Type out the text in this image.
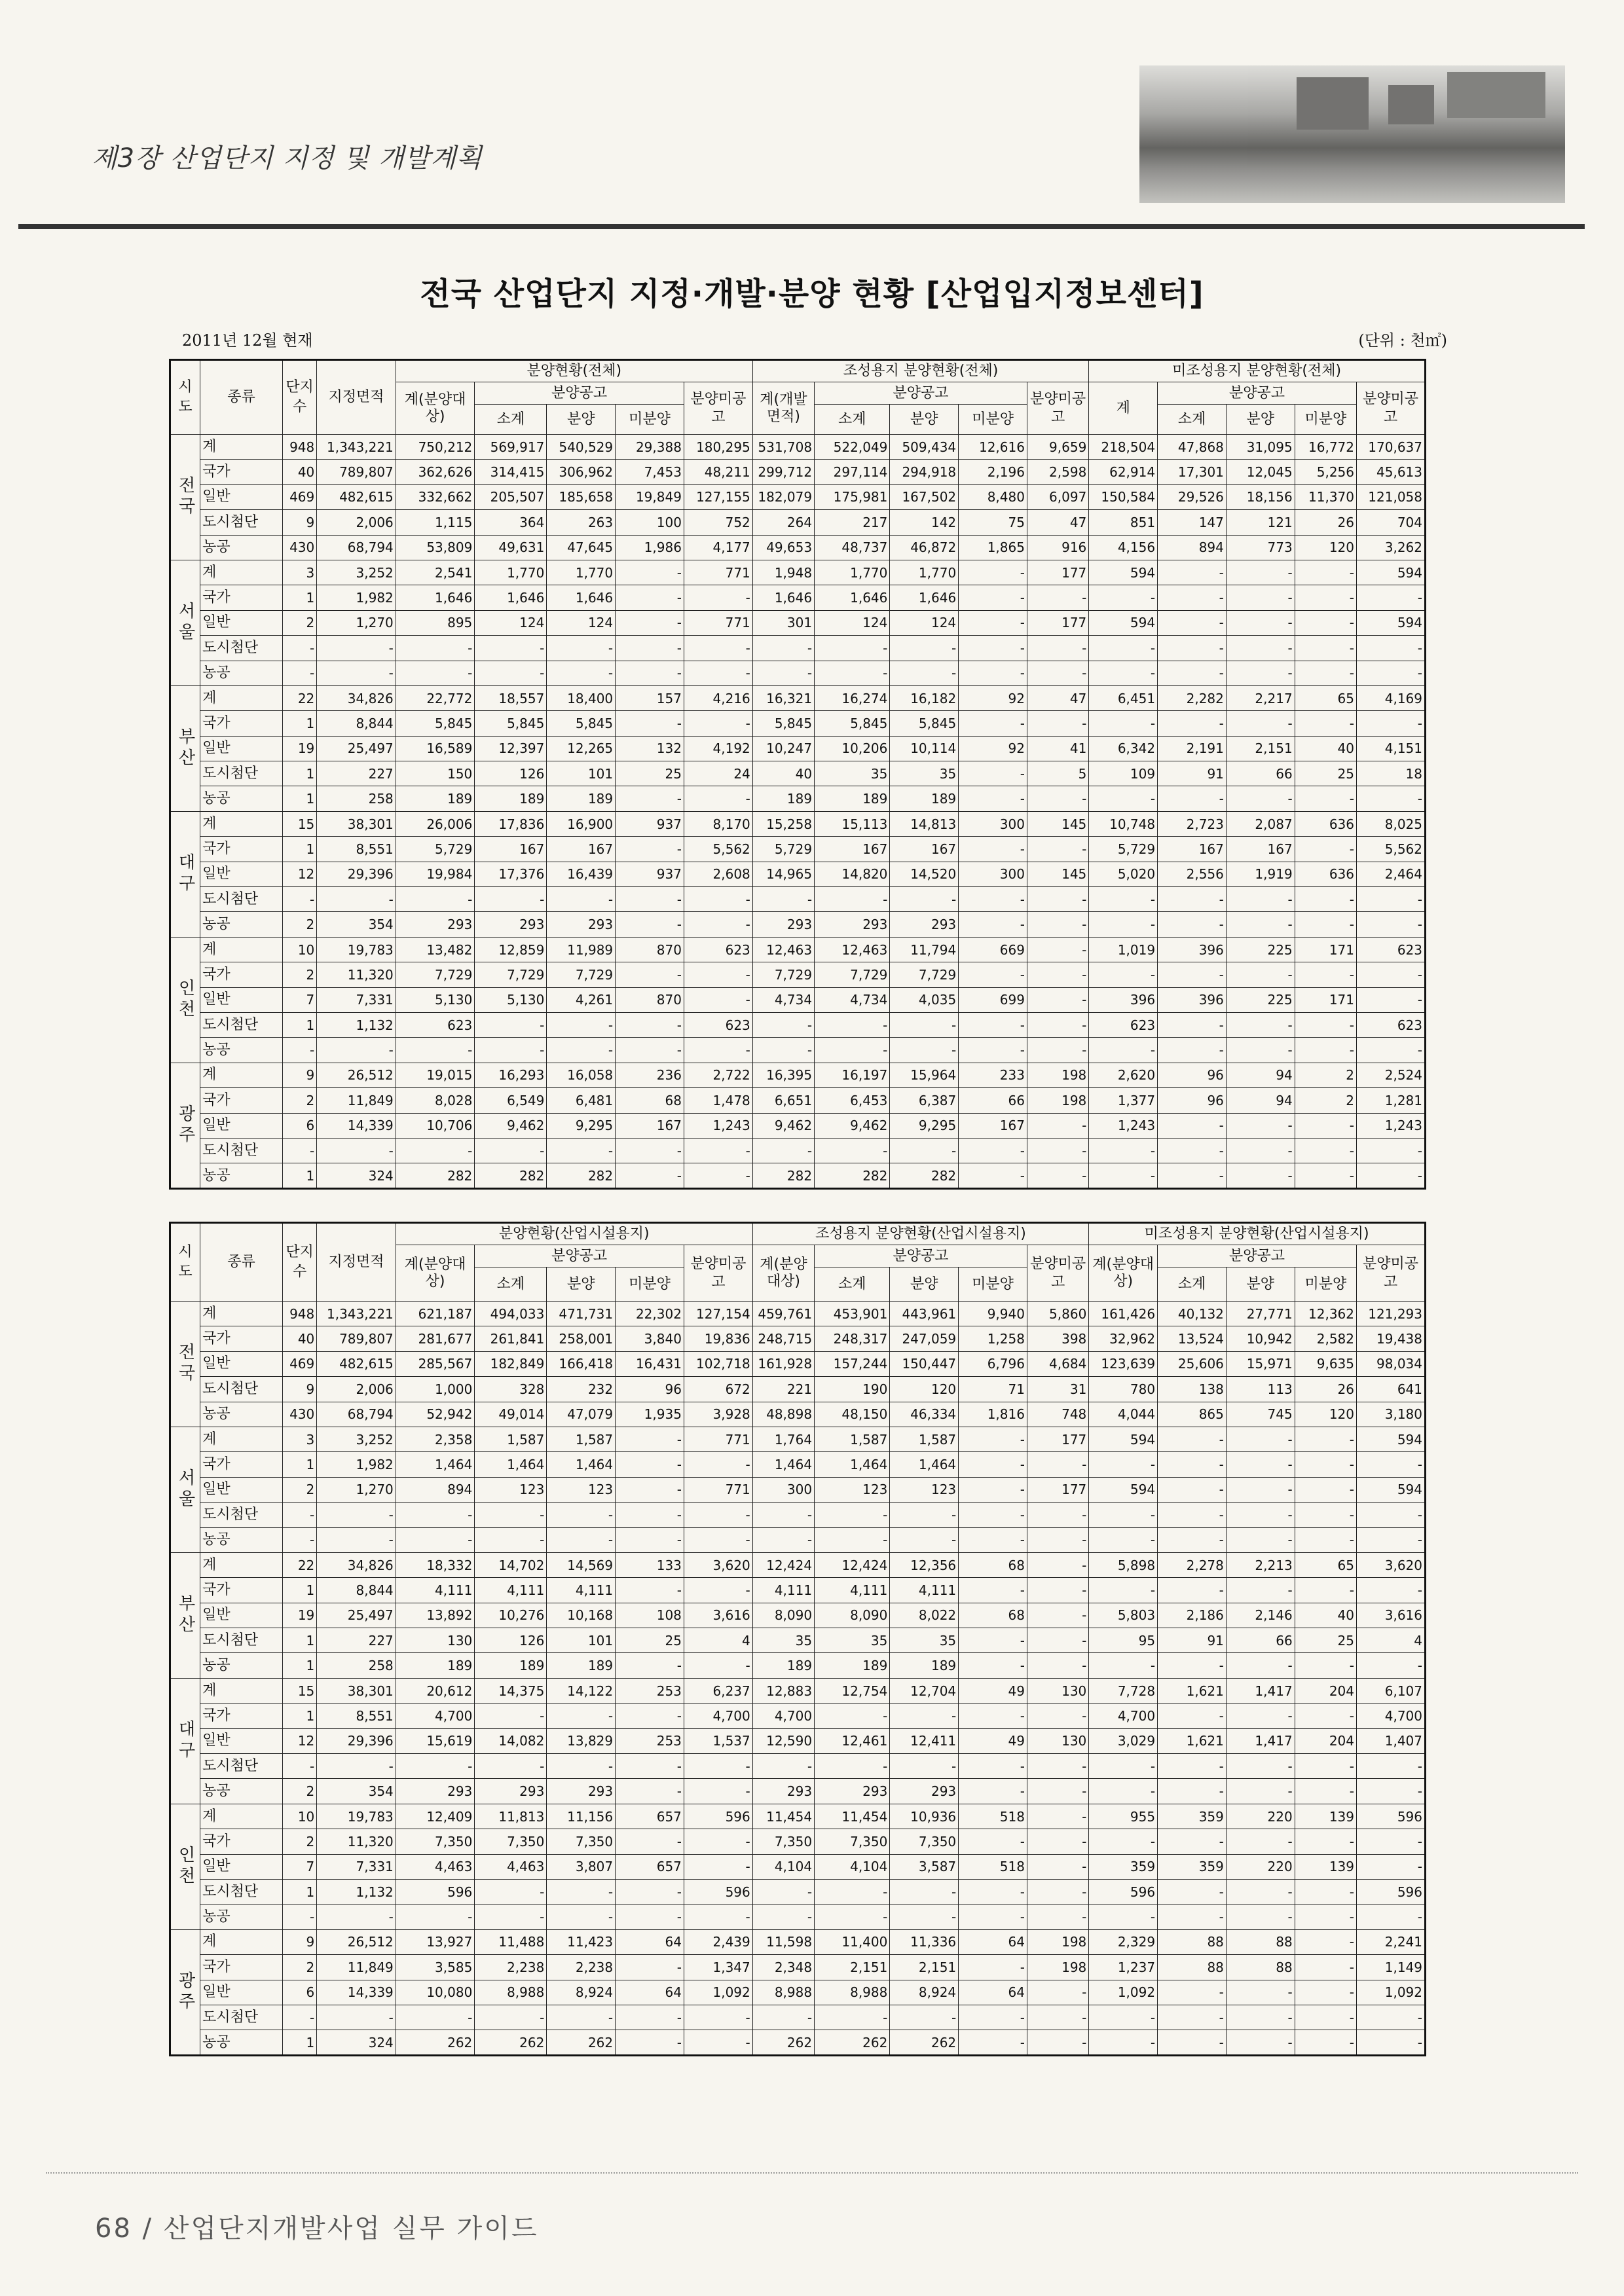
제3장 산업단지 지정 및 개발계획
전국 산업단지 지정·개발·분양 현황 [산업입지정보센터]
2011년 12월 현재	(단위 : 천㎡)
시도	종류	단지수	지정면적	분양현황(전체)					조성용지 분양현황(전체)					미조성용지 분양현황(전체)				
				계(분양대상)	분양공고			분양미공고	계(개발면적)	분양공고			분양미공고	계	분양공고			분양미공고
					소계	분양	미분양			소계	분양	미분양			소계	분양	미분양	
전국	계	948	1,343,221	750,212	569,917	540,529	29,388	180,295	531,708	522,049	509,434	12,616	9,659	218,504	47,868	31,095	16,772	170,637
	국가	40	789,807	362,626	314,415	306,962	7,453	48,211	299,712	297,114	294,918	2,196	2,598	62,914	17,301	12,045	5,256	45,613
	일반	469	482,615	332,662	205,507	185,658	19,849	127,155	182,079	175,981	167,502	8,480	6,097	150,584	29,526	18,156	11,370	121,058
	도시첨단	9	2,006	1,115	364	263	100	752	264	217	142	75	47	851	147	121	26	704
	농공	430	68,794	53,809	49,631	47,645	1,986	4,177	49,653	48,737	46,872	1,865	916	4,156	894	773	120	3,262
서울	계	3	3,252	2,541	1,770	1,770	-	771	1,948	1,770	1,770	-	177	594	-	-	-	594
	국가	1	1,982	1,646	1,646	1,646	-	-	1,646	1,646	1,646	-	-	-	-	-	-	-
	일반	2	1,270	895	124	124	-	771	301	124	124	-	177	594	-	-	-	594
	도시첨단	-	-	-	-	-	-	-	-	-	-	-	-	-	-	-	-	-
	농공	-	-	-	-	-	-	-	-	-	-	-	-	-	-	-	-	-
부산	계	22	34,826	22,772	18,557	18,400	157	4,216	16,321	16,274	16,182	92	47	6,451	2,282	2,217	65	4,169
	국가	1	8,844	5,845	5,845	5,845	-	-	5,845	5,845	5,845	-	-	-	-	-	-	-
	일반	19	25,497	16,589	12,397	12,265	132	4,192	10,247	10,206	10,114	92	41	6,342	2,191	2,151	40	4,151
	도시첨단	1	227	150	126	101	25	24	40	35	35	-	5	109	91	66	25	18
	농공	1	258	189	189	189	-	-	189	189	189	-	-	-	-	-	-	-
대구	계	15	38,301	26,006	17,836	16,900	937	8,170	15,258	15,113	14,813	300	145	10,748	2,723	2,087	636	8,025
	국가	1	8,551	5,729	167	167	-	5,562	5,729	167	167	-	-	5,729	167	167	-	5,562
	일반	12	29,396	19,984	17,376	16,439	937	2,608	14,965	14,820	14,520	300	145	5,020	2,556	1,919	636	2,464
	도시첨단	-	-	-	-	-	-	-	-	-	-	-	-	-	-	-	-	-
	농공	2	354	293	293	293	-	-	293	293	293	-	-	-	-	-	-	-
인천	계	10	19,783	13,482	12,859	11,989	870	623	12,463	12,463	11,794	669	-	1,019	396	225	171	623
	국가	2	11,320	7,729	7,729	7,729	-	-	7,729	7,729	7,729	-	-	-	-	-	-	-
	일반	7	7,331	5,130	5,130	4,261	870	-	4,734	4,734	4,035	699	-	396	396	225	171	-
	도시첨단	1	1,132	623	-	-	-	623	-	-	-	-	-	623	-	-	-	623
	농공	-	-	-	-	-	-	-	-	-	-	-	-	-	-	-	-	-
광주	계	9	26,512	19,015	16,293	16,058	236	2,722	16,395	16,197	15,964	233	198	2,620	96	94	2	2,524
	국가	2	11,849	8,028	6,549	6,481	68	1,478	6,651	6,453	6,387	66	198	1,377	96	94	2	1,281
	일반	6	14,339	10,706	9,462	9,295	167	1,243	9,462	9,462	9,295	167	-	1,243	-	-	-	1,243
	도시첨단	-	-	-	-	-	-	-	-	-	-	-	-	-	-	-	-	-
	농공	1	324	282	282	282	-	-	282	282	282	-	-	-	-	-	-	-
시도	종류	단지수	지정면적	분양현황(산업시설용지)					조성용지 분양현황(산업시설용지)					미조성용지 분양현황(산업시설용지)				
				계(분양대상)	분양공고			분양미공고	계(분양대상)	분양공고			분양미공고	계(분양대상)	분양공고			분양미공고
					소계	분양	미분양			소계	분양	미분양			소계	분양	미분양	
전국	계	948	1,343,221	621,187	494,033	471,731	22,302	127,154	459,761	453,901	443,961	9,940	5,860	161,426	40,132	27,771	12,362	121,293
	국가	40	789,807	281,677	261,841	258,001	3,840	19,836	248,715	248,317	247,059	1,258	398	32,962	13,524	10,942	2,582	19,438
	일반	469	482,615	285,567	182,849	166,418	16,431	102,718	161,928	157,244	150,447	6,796	4,684	123,639	25,606	15,971	9,635	98,034
	도시첨단	9	2,006	1,000	328	232	96	672	221	190	120	71	31	780	138	113	26	641
	농공	430	68,794	52,942	49,014	47,079	1,935	3,928	48,898	48,150	46,334	1,816	748	4,044	865	745	120	3,180
서울	계	3	3,252	2,358	1,587	1,587	-	771	1,764	1,587	1,587	-	177	594	-	-	-	594
	국가	1	1,982	1,464	1,464	1,464	-	-	1,464	1,464	1,464	-	-	-	-	-	-	-
	일반	2	1,270	894	123	123	-	771	300	123	123	-	177	594	-	-	-	594
	도시첨단	-	-	-	-	-	-	-	-	-	-	-	-	-	-	-	-	-
	농공	-	-	-	-	-	-	-	-	-	-	-	-	-	-	-	-	-
부산	계	22	34,826	18,332	14,702	14,569	133	3,620	12,424	12,424	12,356	68	-	5,898	2,278	2,213	65	3,620
	국가	1	8,844	4,111	4,111	4,111	-	-	4,111	4,111	4,111	-	-	-	-	-	-	-
	일반	19	25,497	13,892	10,276	10,168	108	3,616	8,090	8,090	8,022	68	-	5,803	2,186	2,146	40	3,616
	도시첨단	1	227	130	126	101	25	4	35	35	35	-	-	95	91	66	25	4
	농공	1	258	189	189	189	-	-	189	189	189	-	-	-	-	-	-	-
대구	계	15	38,301	20,612	14,375	14,122	253	6,237	12,883	12,754	12,704	49	130	7,728	1,621	1,417	204	6,107
	국가	1	8,551	4,700	-	-	-	4,700	4,700	-	-	-	-	4,700	-	-	-	4,700
	일반	12	29,396	15,619	14,082	13,829	253	1,537	12,590	12,461	12,411	49	130	3,029	1,621	1,417	204	1,407
	도시첨단	-	-	-	-	-	-	-	-	-	-	-	-	-	-	-	-	-
	농공	2	354	293	293	293	-	-	293	293	293	-	-	-	-	-	-	-
인천	계	10	19,783	12,409	11,813	11,156	657	596	11,454	11,454	10,936	518	-	955	359	220	139	596
	국가	2	11,320	7,350	7,350	7,350	-	-	7,350	7,350	7,350	-	-	-	-	-	-	-
	일반	7	7,331	4,463	4,463	3,807	657	-	4,104	4,104	3,587	518	-	359	359	220	139	-
	도시첨단	1	1,132	596	-	-	-	596	-	-	-	-	-	596	-	-	-	596
	농공	-	-	-	-	-	-	-	-	-	-	-	-	-	-	-	-	-
광주	계	9	26,512	13,927	11,488	11,423	64	2,439	11,598	11,400	11,336	64	198	2,329	88	88	-	2,241
	국가	2	11,849	3,585	2,238	2,238	-	1,347	2,348	2,151	2,151	-	198	1,237	88	88	-	1,149
	일반	6	14,339	10,080	8,988	8,924	64	1,092	8,988	8,988	8,924	64	-	1,092	-	-	-	1,092
	도시첨단	-	-	-	-	-	-	-	-	-	-	-	-	-	-	-	-	-
	농공	1	324	262	262	262	-	-	262	262	262	-	-	-	-	-	-	-
68 / 산업단지개발사업 실무 가이드
